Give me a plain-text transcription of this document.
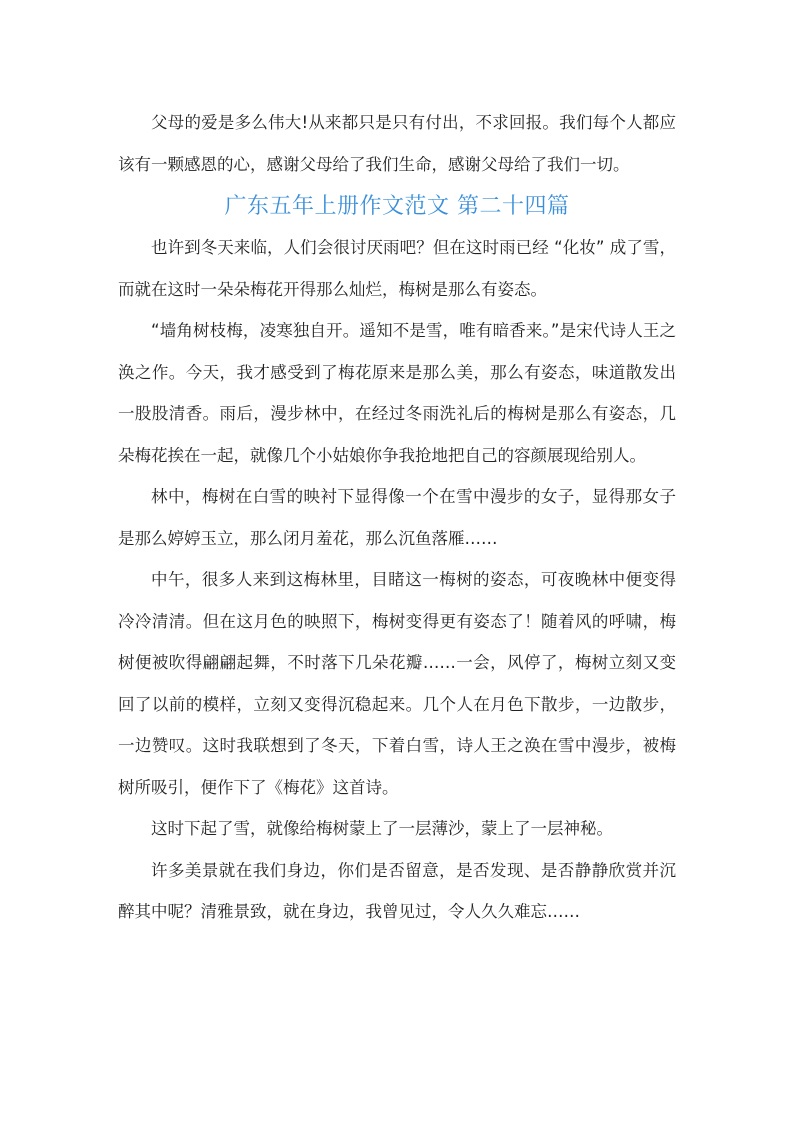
父母的爱是多么伟大!从来都只是只有付出，不求回报。我们每个人都应该有一颗感恩的心，感谢父母给了我们生命，感谢父母给了我们一切。

广东五年上册作文范文 第二十四篇

也许到冬天来临，人们会很讨厌雨吧？但在这时雨已经 “化妆” 成了雪，而就在这时一朵朵梅花开得那么灿烂，梅树是那么有姿态。

“墙角树枝梅，凌寒独自开。遥知不是雪，唯有暗香来。”是宋代诗人王之涣之作。今天，我才感受到了梅花原来是那么美，那么有姿态，味道散发出一股股清香。雨后，漫步林中，在经过冬雨洗礼后的梅树是那么有姿态，几朵梅花挨在一起，就像几个小姑娘你争我抢地把自己的容颜展现给别人。

林中，梅树在白雪的映衬下显得像一个在雪中漫步的女子，显得那女子是那么婷婷玉立，那么闭月羞花，那么沉鱼落雁……

中午，很多人来到这梅林里，目睹这一梅树的姿态，可夜晚林中便变得冷冷清清。但在这月色的映照下，梅树变得更有姿态了！随着风的呼啸，梅树便被吹得翩翩起舞，不时落下几朵花瓣……一会，风停了，梅树立刻又变回了以前的模样，立刻又变得沉稳起来。几个人在月色下散步，一边散步，一边赞叹。这时我联想到了冬天，下着白雪，诗人王之涣在雪中漫步，被梅树所吸引，便作下了《梅花》这首诗。

这时下起了雪，就像给梅树蒙上了一层薄沙，蒙上了一层神秘。

许多美景就在我们身边，你们是否留意，是否发现、是否静静欣赏并沉醉其中呢？清雅景致，就在身边，我曾见过，令人久久难忘……
